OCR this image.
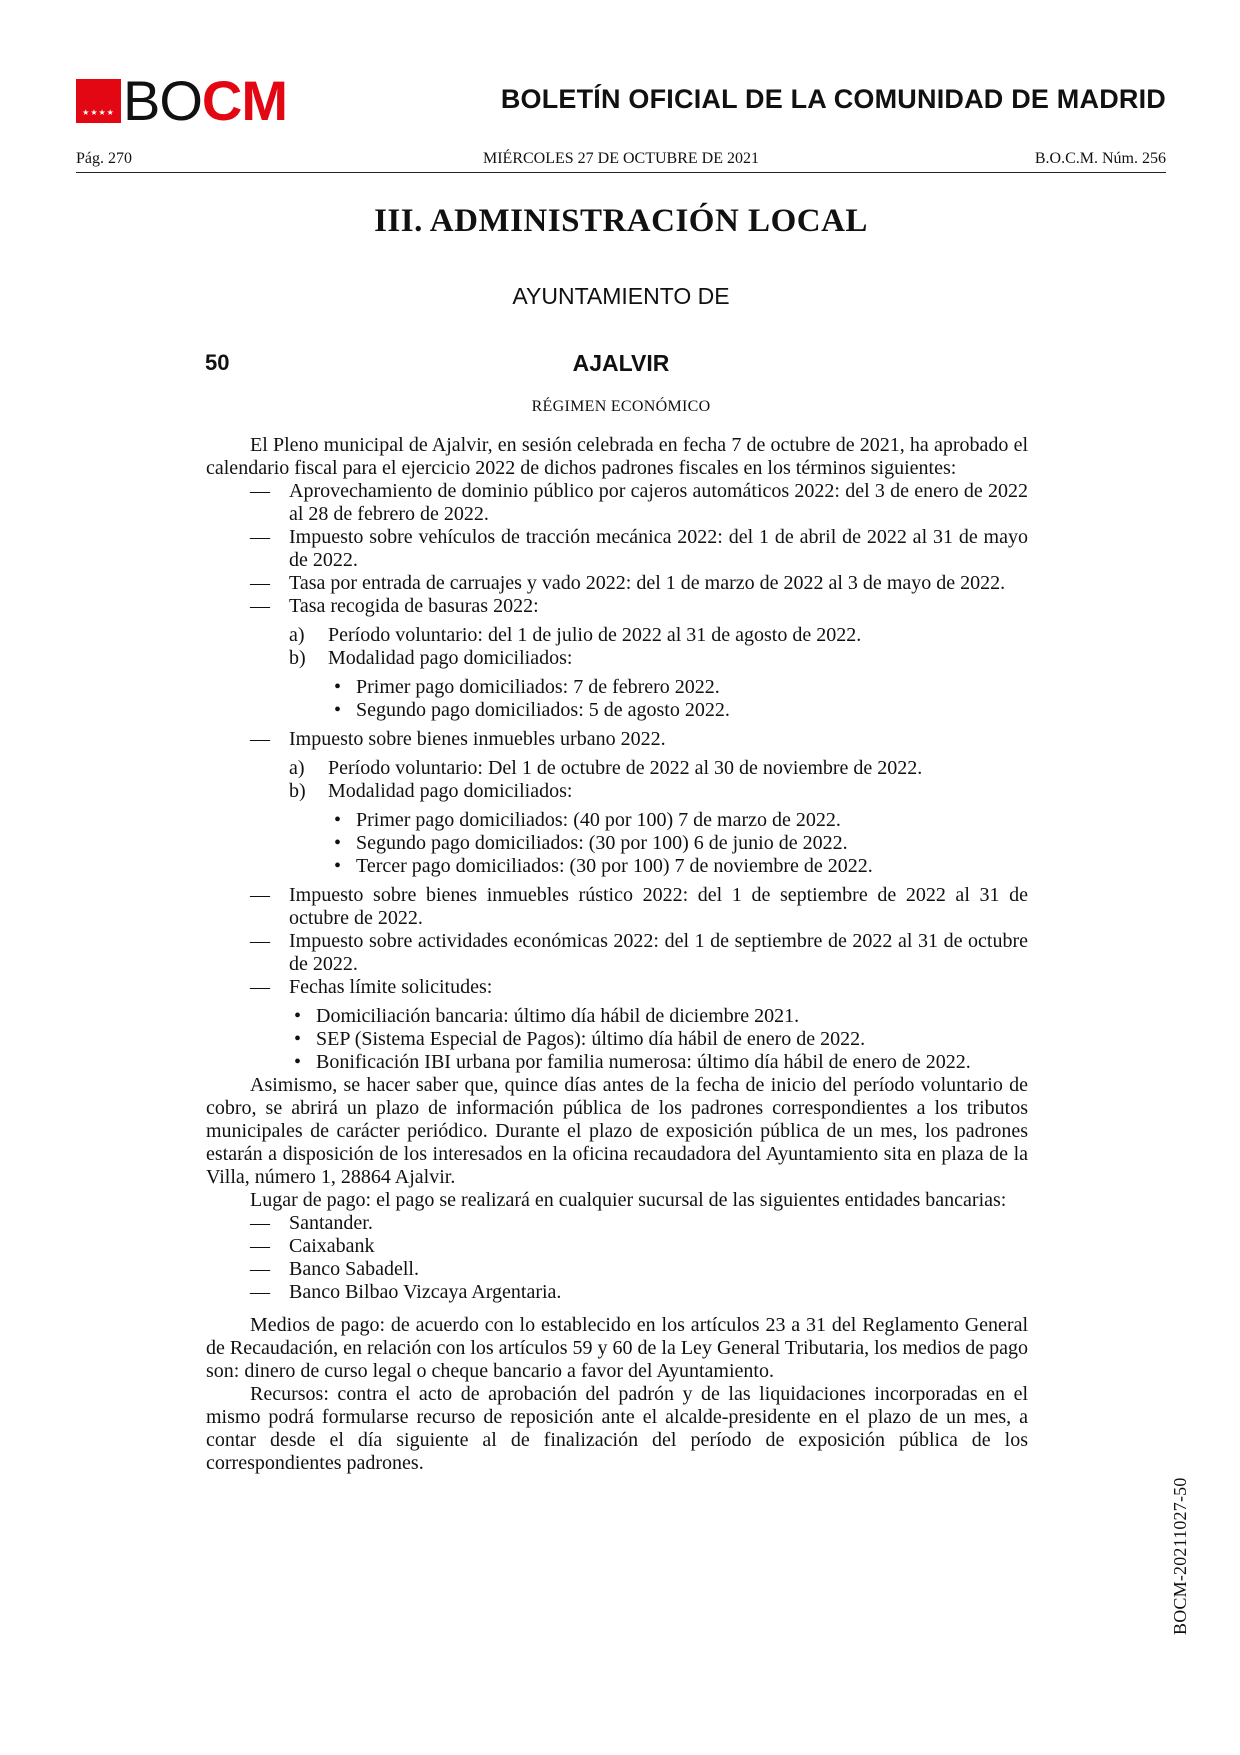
★★★★ BOCM	BOLETÍN OFICIAL DE LA COMUNIDAD DE MADRID
Pág. 270	MIÉRCOLES 27 DE OCTUBRE DE 2021	B.O.C.M. Núm. 256
III. ADMINISTRACIÓN LOCAL
AYUNTAMIENTO DE
50	AJALVIR
RÉGIMEN ECONÓMICO

El Pleno municipal de Ajalvir, en sesión celebrada en fecha 7 de octubre de 2021, ha aprobado el calendario fiscal para el ejercicio 2022 de dichos padrones fiscales en los términos siguientes:

— Aprovechamiento de dominio público por cajeros automáticos 2022: del 3 de enero de 2022 al 28 de febrero de 2022.
— Impuesto sobre vehículos de tracción mecánica 2022: del 1 de abril de 2022 al 31 de mayo de 2022.
— Tasa por entrada de carruajes y vado 2022: del 1 de marzo de 2022 al 3 de mayo de 2022.
— Tasa recogida de basuras 2022:
a) Período voluntario: del 1 de julio de 2022 al 31 de agosto de 2022.
b) Modalidad pago domiciliados:
• Primer pago domiciliados: 7 de febrero 2022.
• Segundo pago domiciliados: 5 de agosto 2022.
— Impuesto sobre bienes inmuebles urbano 2022.
a) Período voluntario: Del 1 de octubre de 2022 al 30 de noviembre de 2022.
b) Modalidad pago domiciliados:
• Primer pago domiciliados: (40 por 100) 7 de marzo de 2022.
• Segundo pago domiciliados: (30 por 100) 6 de junio de 2022.
• Tercer pago domiciliados: (30 por 100) 7 de noviembre de 2022.
— Impuesto sobre bienes inmuebles rústico 2022: del 1 de septiembre de 2022 al 31 de octubre de 2022.
— Impuesto sobre actividades económicas 2022: del 1 de septiembre de 2022 al 31 de octubre de 2022.
— Fechas límite solicitudes:
• Domiciliación bancaria: último día hábil de diciembre 2021.
• SEP (Sistema Especial de Pagos): último día hábil de enero de 2022.
• Bonificación IBI urbana por familia numerosa: último día hábil de enero de 2022.

Asimismo, se hacer saber que, quince días antes de la fecha de inicio del período voluntario de cobro, se abrirá un plazo de información pública de los padrones correspondientes a los tributos municipales de carácter periódico. Durante el plazo de exposición pública de un mes, los padrones estarán a disposición de los interesados en la oficina recaudadora del Ayuntamiento sita en plaza de la Villa, número 1, 28864 Ajalvir.

Lugar de pago: el pago se realizará en cualquier sucursal de las siguientes entidades bancarias:

— Santander.
— Caixabank
— Banco Sabadell.
— Banco Bilbao Vizcaya Argentaria.

Medios de pago: de acuerdo con lo establecido en los artículos 23 a 31 del Reglamento General de Recaudación, en relación con los artículos 59 y 60 de la Ley General Tributaria, los medios de pago son: dinero de curso legal o cheque bancario a favor del Ayuntamiento.

Recursos: contra el acto de aprobación del padrón y de las liquidaciones incorporadas en el mismo podrá formularse recurso de reposición ante el alcalde-presidente en el plazo de un mes, a contar desde el día siguiente al de finalización del período de exposición pública de los correspondientes padrones.

BOCM-20211027-50
